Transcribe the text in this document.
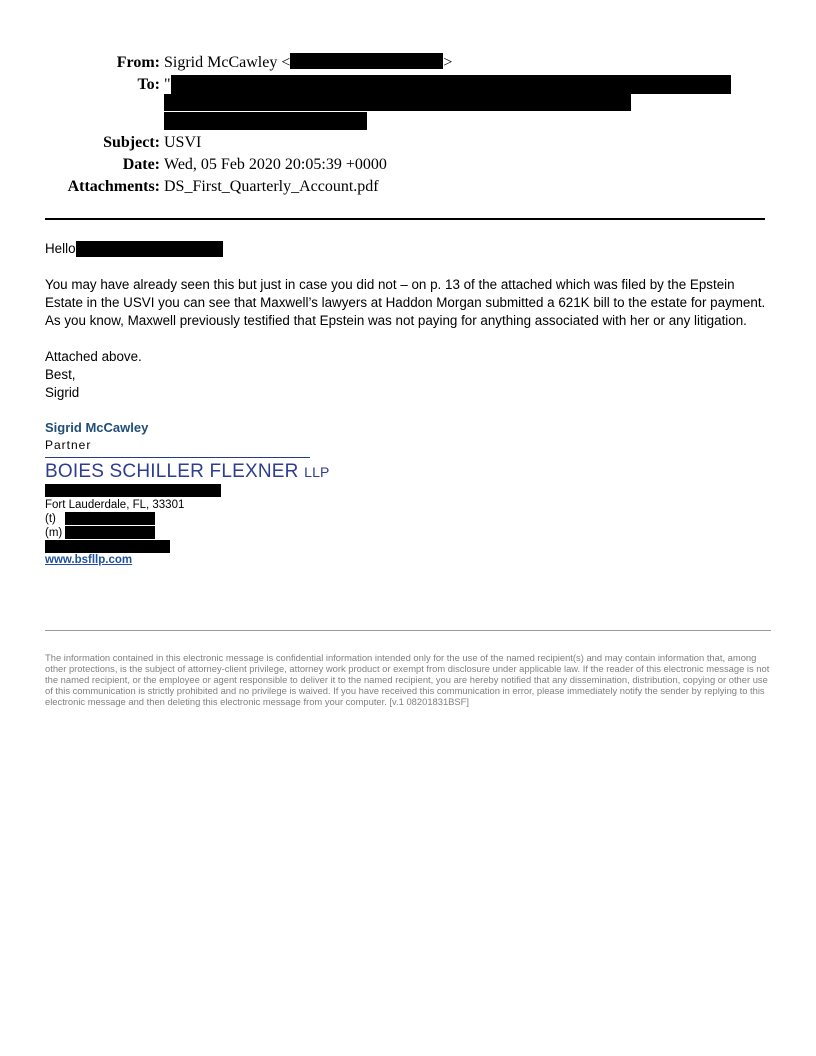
From: Sigrid McCawley <	>
To: "
Subject: USVI
Date: Wed, 05 Feb 2020 20:05:39 +0000
Attachments: DS_First_Quarterly_Account.pdf
Hello
You may have already seen this but just in case you did not – on p. 13 of the attached which was filed by the Epstein
Estate in the USVI you can see that Maxwell’s lawyers at Haddon Morgan submitted a 621K bill to the estate for payment.
As you know, Maxwell previously testified that Epstein was not paying for anything associated with her or any litigation.
Attached above.
Best,
Sigrid
Sigrid McCawley
Partner
BOIES SCHILLER FLEXNER LLP
Fort Lauderdale, FL, 33301
(t)
(m)
www.bsfllp.com
The information contained in this electronic message is confidential information intended only for the use of the named recipient(s) and may contain information that, among other protections, is the subject of attorney-client privilege, attorney work product or exempt from disclosure under applicable law. If the reader of this electronic message is not the named recipient, or the employee or agent responsible to deliver it to the named recipient, you are hereby notified that any dissemination, distribution, copying or other use of this communication is strictly prohibited and no privilege is waived. If you have received this communication in error, please immediately notify the sender by replying to this electronic message and then deleting this electronic message from your computer. [v.1 08201831BSF]
